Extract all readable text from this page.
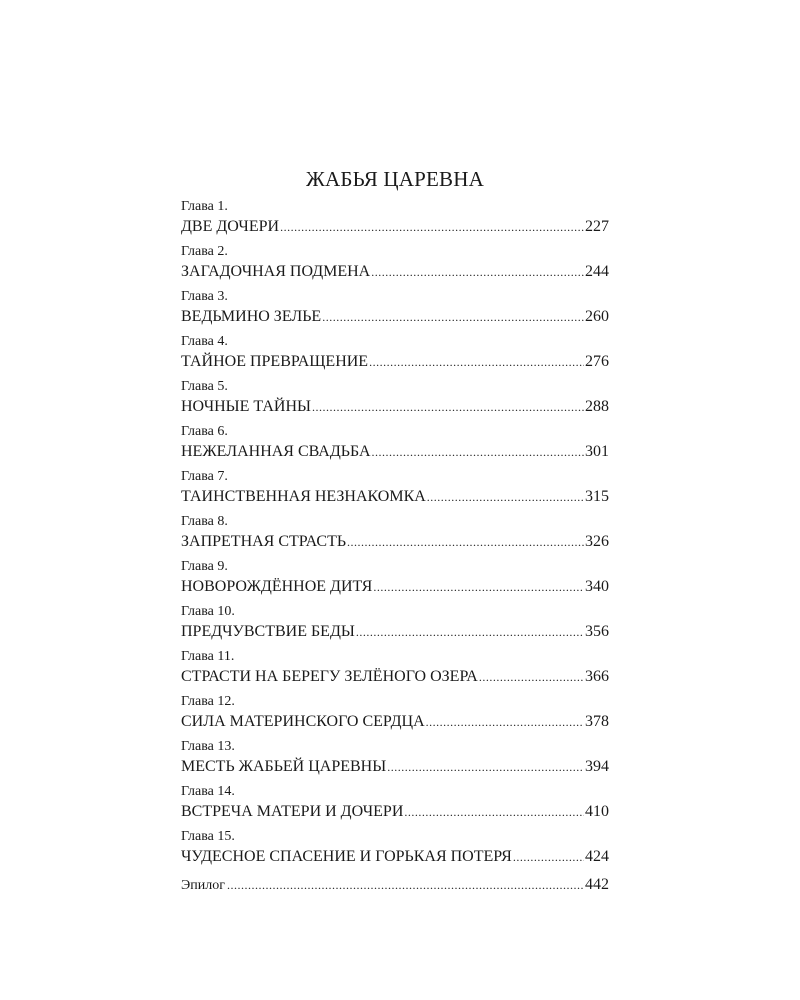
ЖАБЬЯ ЦАРЕВНА
Глава 1.
ДВЕ ДОЧЕРИ .....	227
Глава 2.
ЗАГАДОЧНАЯ ПОДМЕНА .....	244
Глава 3.
ВЕДЬМИНО ЗЕЛЬЕ .....	260
Глава 4.
ТАЙНОЕ ПРЕВРАЩЕНИЕ .....	276
Глава 5.
НОЧНЫЕ ТАЙНЫ .....	288
Глава 6.
НЕЖЕЛАННАЯ СВАДЬБА .....	301
Глава 7.
ТАИНСТВЕННАЯ НЕЗНАКОМКА .....	315
Глава 8.
ЗАПРЕТНАЯ СТРАСТЬ .....	326
Глава 9.
НОВОРОЖДЁННОЕ ДИТЯ .....	340
Глава 10.
ПРЕДЧУВСТВИЕ БЕДЫ .....	356
Глава 11.
СТРАСТИ НА БЕРЕГУ ЗЕЛЁНОГО ОЗЕРА .....	366
Глава 12.
СИЛА МАТЕРИНСКОГО СЕРДЦА .....	378
Глава 13.
МЕСТЬ ЖАБЬЕЙ ЦАРЕВНЫ .....	394
Глава 14.
ВСТРЕЧА МАТЕРИ И ДОЧЕРИ .....	410
Глава 15.
ЧУДЕСНОЕ СПАСЕНИЕ И ГОРЬКАЯ ПОТЕРЯ .....	424
Эпилог .....	442
